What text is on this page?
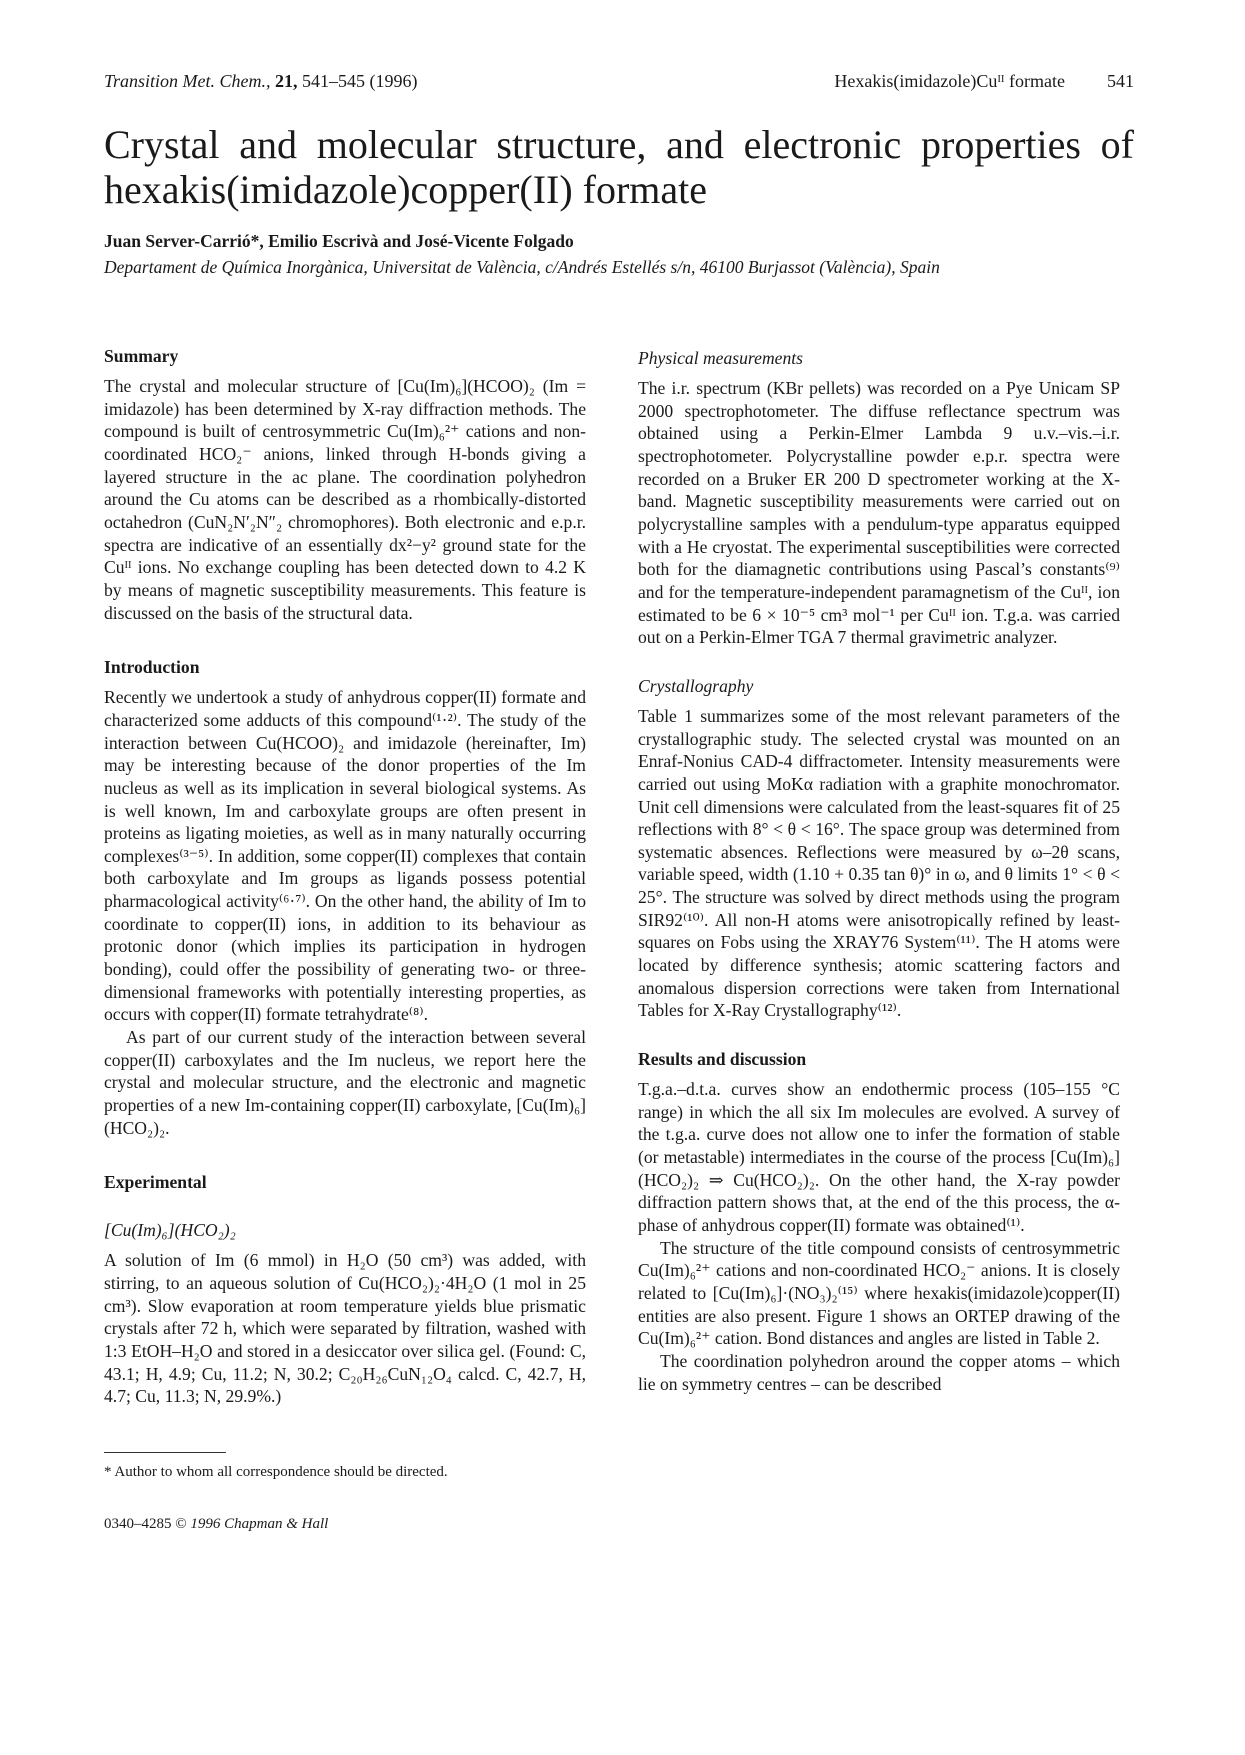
Transition Met. Chem., 21, 541–545 (1996)	Hexakis(imidazole)Cuᴵᴵ formate 541
Crystal and molecular structure, and electronic properties of
hexakis(imidazole)copper(II) formate
Juan Server-Carrió*, Emilio Escrivà and José-Vicente Folgado
Departament de Química Inorgànica, Universitat de València, c/Andrés Estellés s/n, 46100 Burjassot (València), Spain
Summary

The crystal and molecular structure of [Cu(Im)₆](HCOO)₂ (Im = imidazole) has been determined by X-ray diffraction methods. The compound is built of centrosymmetric Cu(Im)₆²⁺ cations and non-coordinated HCO₂⁻ anions, linked through H-bonds giving a layered structure in the ac plane. The coordination polyhedron around the Cu atoms can be described as a rhombically-distorted octahedron (CuN₂N′₂N″₂ chromophores). Both electronic and e.p.r. spectra are indicative of an essentially dx²−y² ground state for the Cuᴵᴵ ions. No exchange coupling has been detected down to 4.2 K by means of magnetic susceptibility measurements. This feature is discussed on the basis of the structural data.

Introduction

Recently we undertook a study of anhydrous copper(II) formate and characterized some adducts of this compound⁽¹·²⁾. The study of the interaction between Cu(HCOO)₂ and imidazole (hereinafter, Im) may be interesting because of the donor properties of the Im nucleus as well as its implication in several biological systems. As is well known, Im and carboxylate groups are often present in proteins as ligating moieties, as well as in many naturally occurring complexes⁽³⁻⁵⁾. In addition, some copper(II) complexes that contain both carboxylate and Im groups as ligands possess potential pharmacological activity⁽⁶·⁷⁾. On the other hand, the ability of Im to coordinate to copper(II) ions, in addition to its behaviour as protonic donor (which implies its participation in hydrogen bonding), could offer the possibility of generating two- or three-dimensional frameworks with potentially interesting properties, as occurs with copper(II) formate tetrahydrate⁽⁸⁾.

As part of our current study of the interaction between several copper(II) carboxylates and the Im nucleus, we report here the crystal and molecular structure, and the electronic and magnetic properties of a new Im-containing copper(II) carboxylate, [Cu(Im)₆](HCO₂)₂.

Experimental
[Cu(Im)₆](HCO₂)₂

A solution of Im (6 mmol) in H₂O (50 cm³) was added, with stirring, to an aqueous solution of Cu(HCO₂)₂·4H₂O (1 mol in 25 cm³). Slow evaporation at room temperature yields blue prismatic crystals after 72 h, which were separated by filtration, washed with 1:3 EtOH–H₂O and stored in a desiccator over silica gel. (Found: C, 43.1; H, 4.9; Cu, 11.2; N, 30.2; C₂₀H₂₆CuN₁₂O₄ calcd. C, 42.7, H, 4.7; Cu, 11.3; N, 29.9%.)

* Author to whom all correspondence should be directed.
0340–4285 © 1996 Chapman & Hall
Physical measurements

The i.r. spectrum (KBr pellets) was recorded on a Pye Unicam SP 2000 spectrophotometer. The diffuse reflectance spectrum was obtained using a Perkin-Elmer Lambda 9 u.v.–vis.–i.r. spectrophotometer. Polycrystalline powder e.p.r. spectra were recorded on a Bruker ER 200 D spectrometer working at the X-band. Magnetic susceptibility measurements were carried out on polycrystalline samples with a pendulum-type apparatus equipped with a He cryostat. The experimental susceptibilities were corrected both for the diamagnetic contributions using Pascal’s constants⁽⁹⁾ and for the temperature-independent paramagnetism of the Cuᴵᴵ, ion estimated to be 6 × 10⁻⁵ cm³ mol⁻¹ per Cuᴵᴵ ion. T.g.a. was carried out on a Perkin-Elmer TGA 7 thermal gravimetric analyzer.

Crystallography

Table 1 summarizes some of the most relevant parameters of the crystallographic study. The selected crystal was mounted on an Enraf-Nonius CAD-4 diffractometer. Intensity measurements were carried out using MoKα radiation with a graphite monochromator. Unit cell dimensions were calculated from the least-squares fit of 25 reflections with 8° < θ < 16°. The space group was determined from systematic absences. Reflections were measured by ω–2θ scans, variable speed, width (1.10 + 0.35 tan θ)° in ω, and θ limits 1° < θ < 25°. The structure was solved by direct methods using the program SIR92⁽¹⁰⁾. All non-H atoms were anisotropically refined by least-squares on Fobs using the XRAY76 System⁽¹¹⁾. The H atoms were located by difference synthesis; atomic scattering factors and anomalous dispersion corrections were taken from International Tables for X-Ray Crystallography⁽¹²⁾.

Results and discussion

T.g.a.–d.t.a. curves show an endothermic process (105–155 °C range) in which the all six Im molecules are evolved. A survey of the t.g.a. curve does not allow one to infer the formation of stable (or metastable) intermediates in the course of the process [Cu(Im)₆](HCO₂)₂ ⇒ Cu(HCO₂)₂. On the other hand, the X-ray powder diffraction pattern shows that, at the end of the this process, the α-phase of anhydrous copper(II) formate was obtained⁽¹⁾.

The structure of the title compound consists of centrosymmetric Cu(Im)₆²⁺ cations and non-coordinated HCO₂⁻ anions. It is closely related to [Cu(Im)₆]·(NO₃)₂⁽¹⁵⁾ where hexakis(imidazole)copper(II) entities are also present. Figure 1 shows an ORTEP drawing of the Cu(Im)₆²⁺ cation. Bond distances and angles are listed in Table 2.

The coordination polyhedron around the copper atoms – which lie on symmetry centres – can be described
